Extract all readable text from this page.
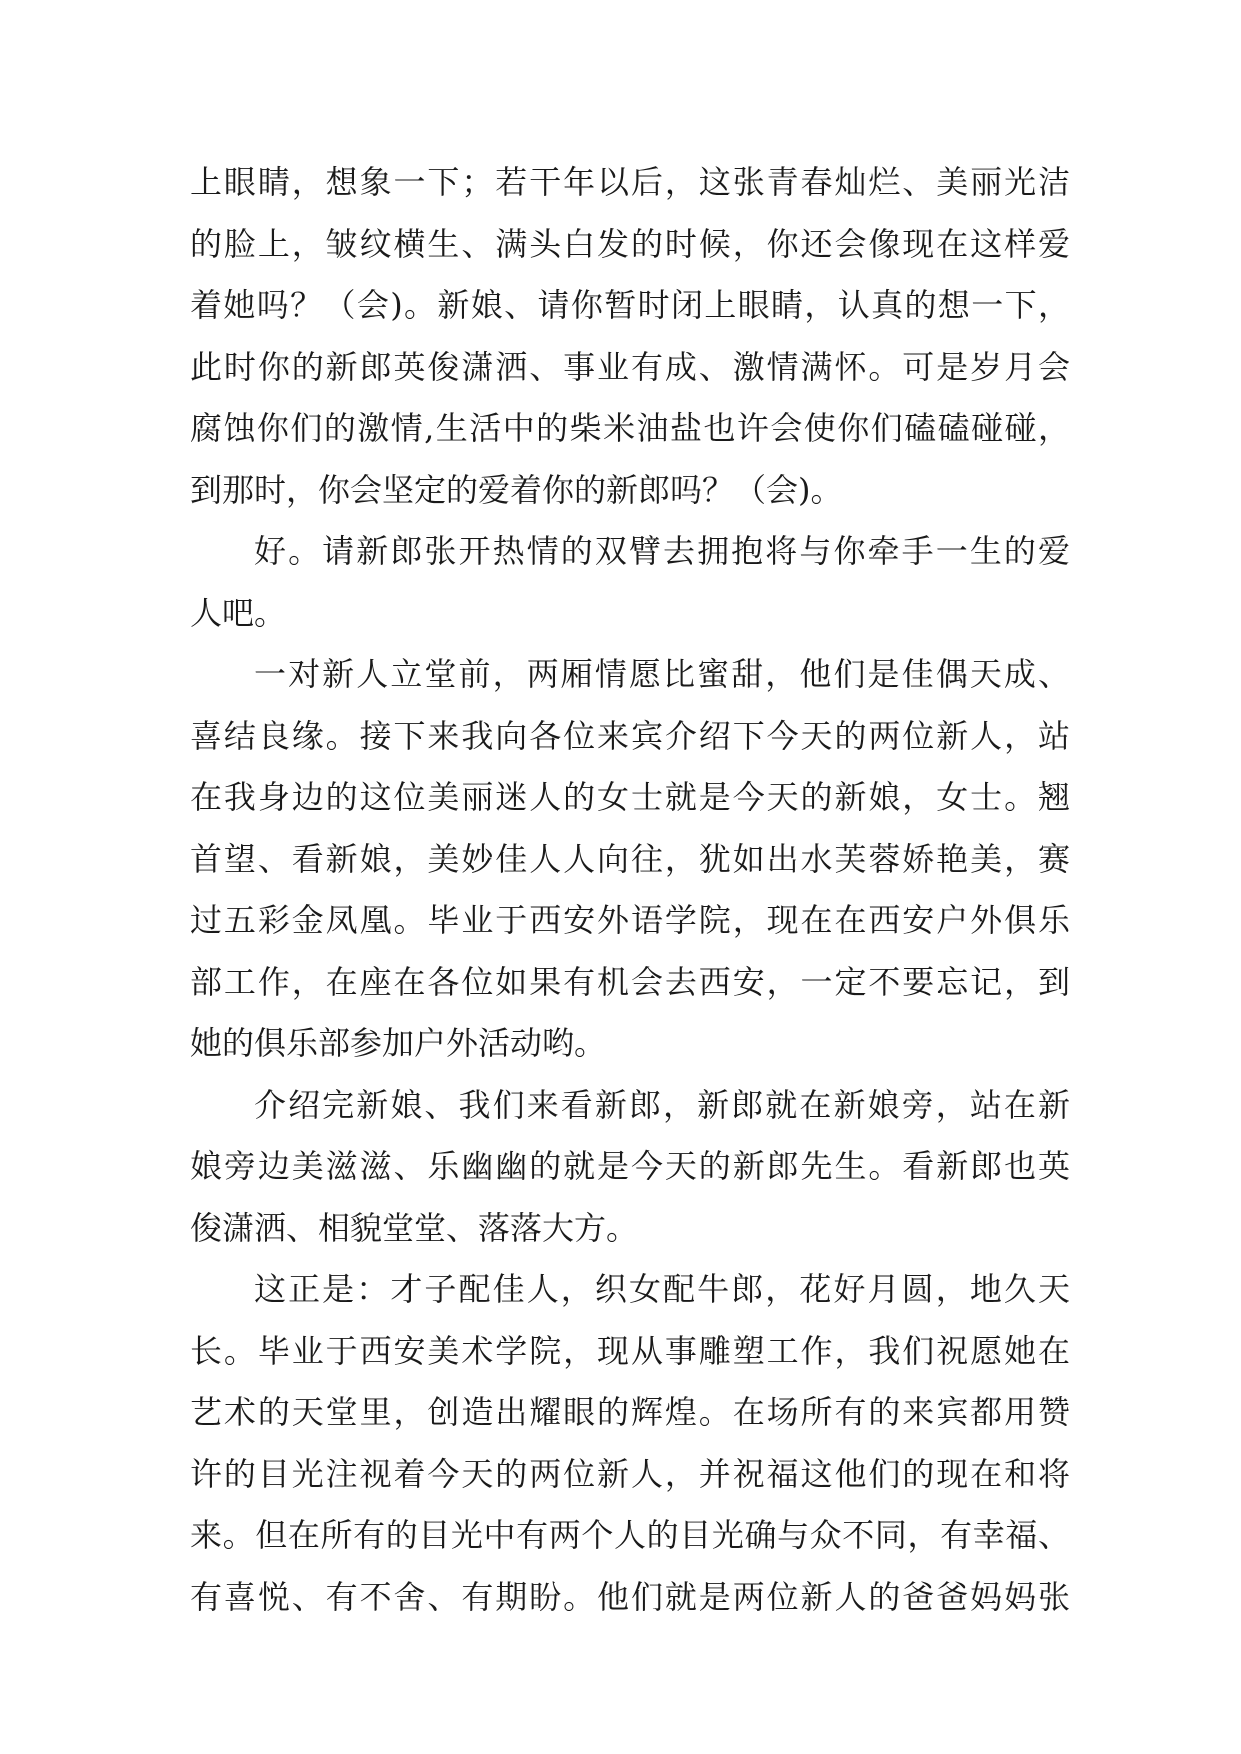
上眼睛，想象一下；若干年以后，这张青春灿烂、美丽光洁
的脸上，皱纹横生、满头白发的时候，你还会像现在这样爱
着她吗？（会)。新娘、请你暂时闭上眼睛，认真的想一下，
此时你的新郎英俊潇洒、事业有成、激情满怀。可是岁月会
腐蚀你们的激情,生活中的柴米油盐也许会使你们磕磕碰碰，
到那时，你会坚定的爱着你的新郎吗？（会)。
好。请新郎张开热情的双臂去拥抱将与你牵手一生的爱
人吧。
一对新人立堂前，两厢情愿比蜜甜，他们是佳偶天成、
喜结良缘。接下来我向各位来宾介绍下今天的两位新人，站
在我身边的这位美丽迷人的女士就是今天的新娘，女士。翘
首望、看新娘，美妙佳人人向往，犹如出水芙蓉娇艳美，赛
过五彩金凤凰。毕业于西安外语学院，现在在西安户外俱乐
部工作，在座在各位如果有机会去西安，一定不要忘记，到
她的俱乐部参加户外活动哟。
介绍完新娘、我们来看新郎，新郎就在新娘旁，站在新
娘旁边美滋滋、乐幽幽的就是今天的新郎先生。看新郎也英
俊潇洒、相貌堂堂、落落大方。
这正是：才子配佳人，织女配牛郎，花好月圆，地久天
长。毕业于西安美术学院，现从事雕塑工作，我们祝愿她在
艺术的天堂里，创造出耀眼的辉煌。在场所有的来宾都用赞
许的目光注视着今天的两位新人，并祝福这他们的现在和将
来。但在所有的目光中有两个人的目光确与众不同，有幸福、
有喜悦、有不舍、有期盼。他们就是两位新人的爸爸妈妈张
